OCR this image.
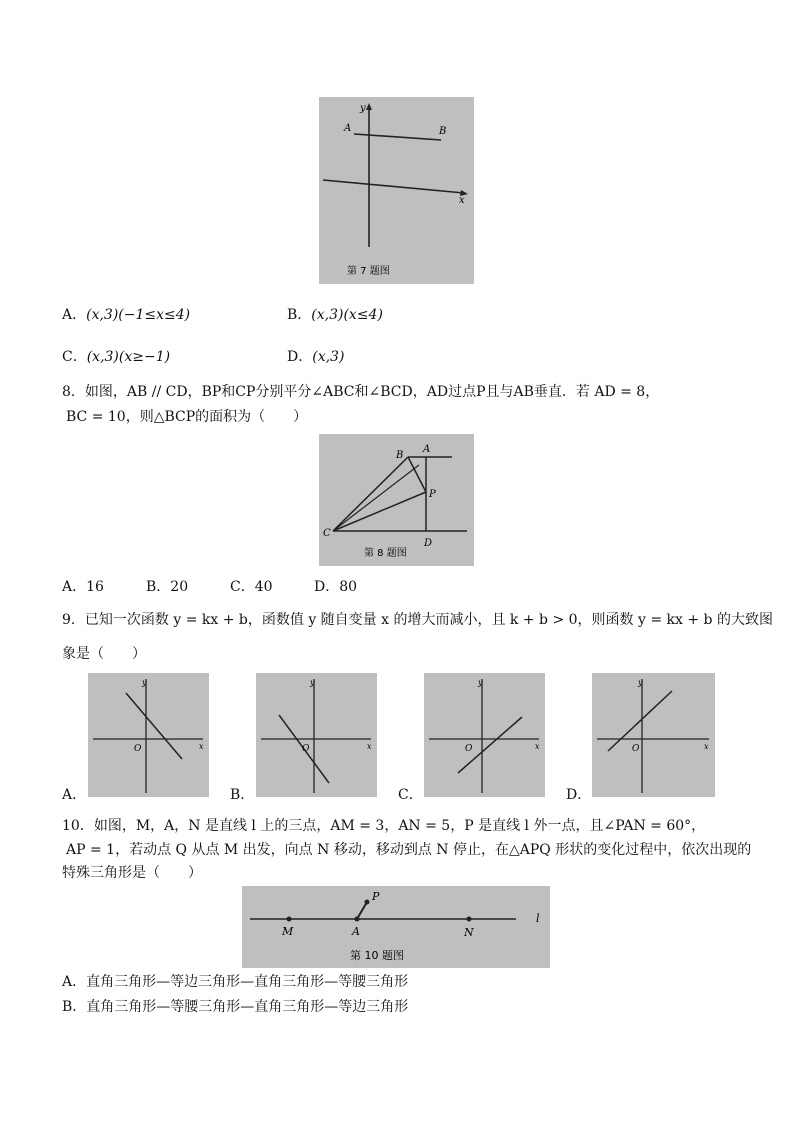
A	B
y
x
第 7 题图
A．(x,3)(−1≤x≤4)	B．(x,3)(x≤4)
C．(x,3)(x≥−1)	D．(x,3)
8．如图，AB // CD，BP和CP分别平分∠ABC和∠BCD，AD过点P且与AB垂直．若 AD = 8，
BC = 10，则△BCP的面积为（　　）
B
A
P
C
D
第 8 题图
A．16	B．20	C．40	D．80
9．已知一次函数 y = kx + b，函数值 y 随自变量 x 的增大而减小，且 k + b > 0，则函数 y = kx + b 的大致图
象是（　　）
y
x
O
A．
y
x
O
B．
y
x
O
C．
y
x
O
D．
10．如图，M，A，N 是直线 l 上的三点，AM = 3，AN = 5，P 是直线 l 外一点，且∠PAN = 60°，
AP = 1，若动点 Q 从点 M 出发，向点 N 移动，移动到点 N 停止，在△APQ 形状的变化过程中，依次出现的
特殊三角形是（　　）
P
M	A	N
l
第 10 题图
A．直角三角形—等边三角形—直角三角形—等腰三角形
B．直角三角形—等腰三角形—直角三角形—等边三角形
